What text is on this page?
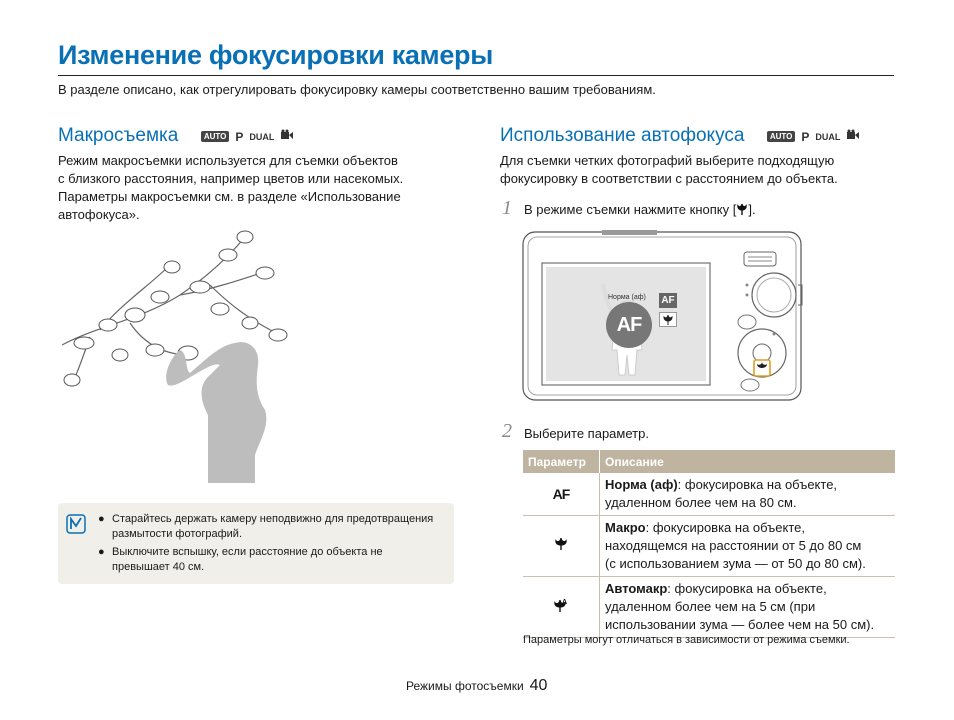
Изменение фокусировки камеры
В разделе описано, как отрегулировать фокусировку камеры соответственно вашим требованиям.
Макросъемка	AUTO P DUAL
Режим макросъемки используется для съемки объектов
с близкого расстояния, например цветов или насекомых.
Параметры макросъемки см. в разделе «Использование
автофокуса».
● Старайтесь держать камеру неподвижно для предотвращения
размытости фотографий.
● Выключите вспышку, если расстояние до объекта не
превышает 40 см.
Использование автофокуса	AUTO P DUAL
Для съемки четких фотографий выберите подходящую
фокусировку в соответствии с расстоянием до объекта.
1 В режиме съемки нажмите кнопку [ ].
AF
Норма (аф) AF
2 Выберите параметр.
Параметр	Описание
AF	Норма (аф): фокусировка на объекте,
удаленном более чем на 80 см.
	Макро: фокусировка на объекте,
находящемся на расстоянии от 5 до 80 см
(с использованием зума — от 50 до 80 см).

A	Автомакр: фокусировка на объекте,
удаленном более чем на 5 см (при
использовании зума — более чем на 50 см).
Параметры могут отличаться в зависимости от режима съемки.
Режимы фотосъемки 40
